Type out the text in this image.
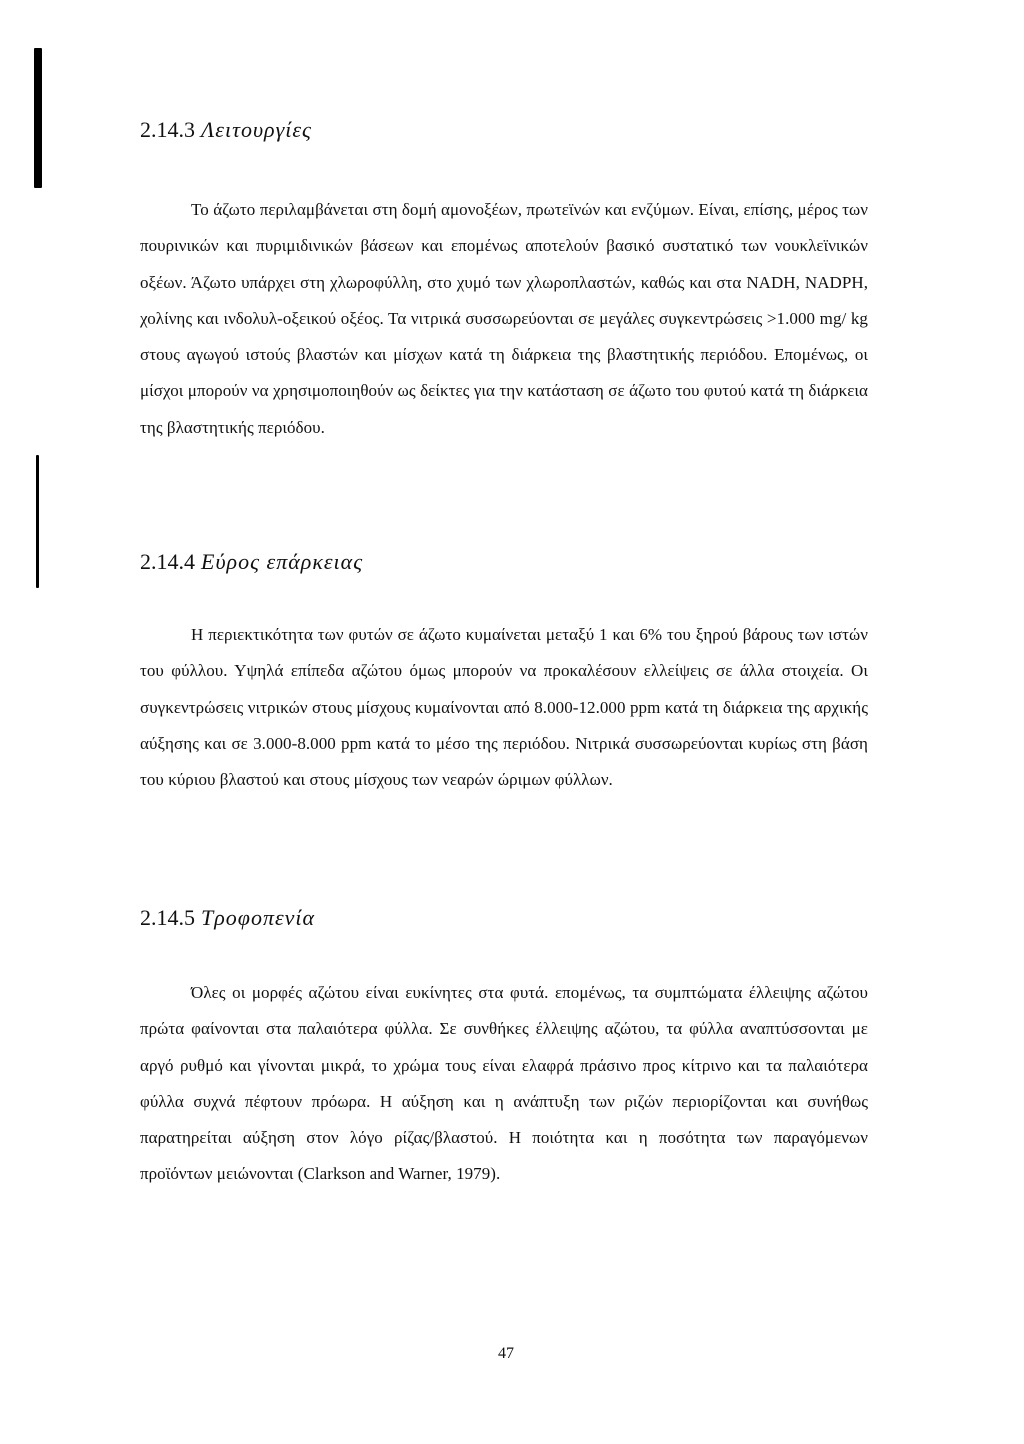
2.14.3 Λειτουργίες

Το άζωτο περιλαμβάνεται στη δομή αμονοξέων, πρωτεϊνών και ενζύμων. Είναι, επίσης, μέρος των πουρινικών και πυριμιδινικών βάσεων και επομένως αποτελούν βασικό συστατικό των νουκλεϊνικών οξέων. Άζωτο υπάρχει στη χλωροφύλλη, στο χυμό των χλωροπλαστών, καθώς και στα NADH, NADPH, χολίνης και ινδολυλ-οξεικού οξέος. Τα νιτρικά συσσωρεύονται σε μεγάλες συγκεντρώσεις >1.000 mg/ kg στους αγωγού ιστούς βλαστών και μίσχων κατά τη διάρκεια της βλαστητικής περιόδου. Επομένως, οι μίσχοι μπορούν να χρησιμοποιηθούν ως δείκτες για την κατάσταση σε άζωτο του φυτού κατά τη διάρκεια της βλαστητικής περιόδου.

2.14.4 Εύρος επάρκειας

Η περιεκτικότητα των φυτών σε άζωτο κυμαίνεται μεταξύ 1 και 6% του ξηρού βάρους των ιστών του φύλλου. Υψηλά επίπεδα αζώτου όμως μπορούν να προκαλέσουν ελλείψεις σε άλλα στοιχεία. Οι συγκεντρώσεις νιτρικών στους μίσχους κυμαίνονται από 8.000-12.000 ppm κατά τη διάρκεια της αρχικής αύξησης και σε 3.000-8.000 ppm κατά το μέσο της περιόδου. Νιτρικά συσσωρεύονται κυρίως στη βάση του κύριου βλαστού και στους μίσχους των νεαρών ώριμων φύλλων.

2.14.5 Τροφοπενία

Όλες οι μορφές αζώτου είναι ευκίνητες στα φυτά. επομένως, τα συμπτώματα έλλειψης αζώτου πρώτα φαίνονται στα παλαιότερα φύλλα. Σε συνθήκες έλλειψης αζώτου, τα φύλλα αναπτύσσονται με αργό ρυθμό και γίνονται μικρά, το χρώμα τους είναι ελαφρά πράσινο προς κίτρινο και τα παλαιότερα φύλλα συχνά πέφτουν πρόωρα. Η αύξηση και η ανάπτυξη των ριζών περιορίζονται και συνήθως παρατηρείται αύξηση στον λόγο ρίζας/βλαστού. Η ποιότητα και η ποσότητα των παραγόμενων προϊόντων μειώνονται (Clarkson and Warner, 1979).

47
